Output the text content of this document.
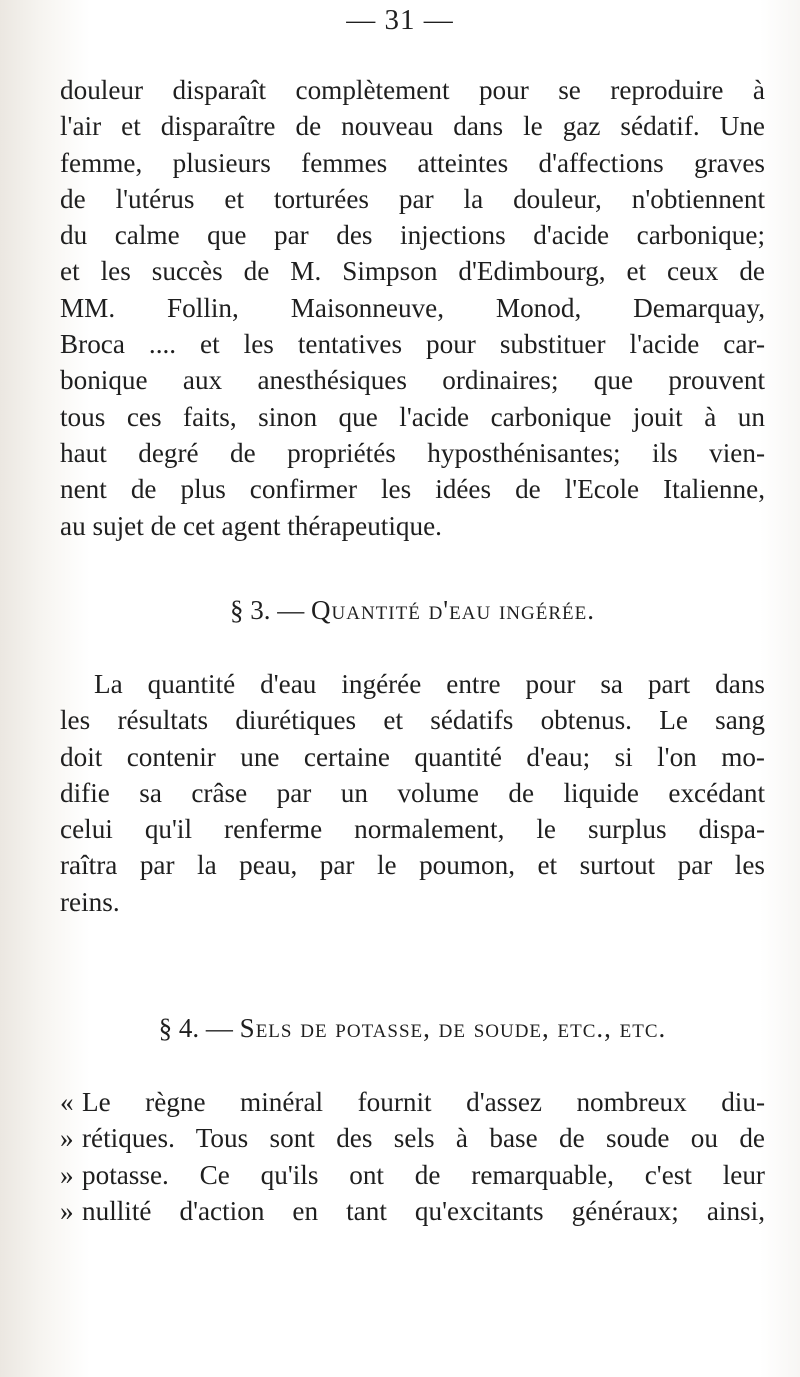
— 31 —
douleur disparaît complètement pour se reproduire à
l'air et disparaître de nouveau dans le gaz sédatif. Une
femme, plusieurs femmes atteintes d'affections graves
de l'utérus et torturées par la douleur, n'obtiennent
du calme que par des injections d'acide carbonique;
et les succès de M. Simpson d'Edimbourg, et ceux de
MM. Follin, Maisonneuve, Monod, Demarquay,
Broca .... et les tentatives pour substituer l'acide car-
bonique aux anesthésiques ordinaires; que prouvent
tous ces faits, sinon que l'acide carbonique jouit à un
haut degré de propriétés hyposthénisantes; ils vien-
nent de plus confirmer les idées de l'Ecole Italienne,
au sujet de cet agent thérapeutique.
§ 3. — Quantité d'eau ingérée.
La quantité d'eau ingérée entre pour sa part dans
les résultats diurétiques et sédatifs obtenus. Le sang
doit contenir une certaine quantité d'eau; si l'on mo-
difie sa crâse par un volume de liquide excédant
celui qu'il renferme normalement, le surplus dispa-
raîtra par la peau, par le poumon, et surtout par les
reins.
§ 4. — Sels de potasse, de soude, etc., etc.
« Le règne minéral fournit d'assez nombreux diu-
» rétiques. Tous sont des sels à base de soude ou de
» potasse. Ce qu'ils ont de remarquable, c'est leur
» nullité d'action en tant qu'excitants généraux; ainsi,
